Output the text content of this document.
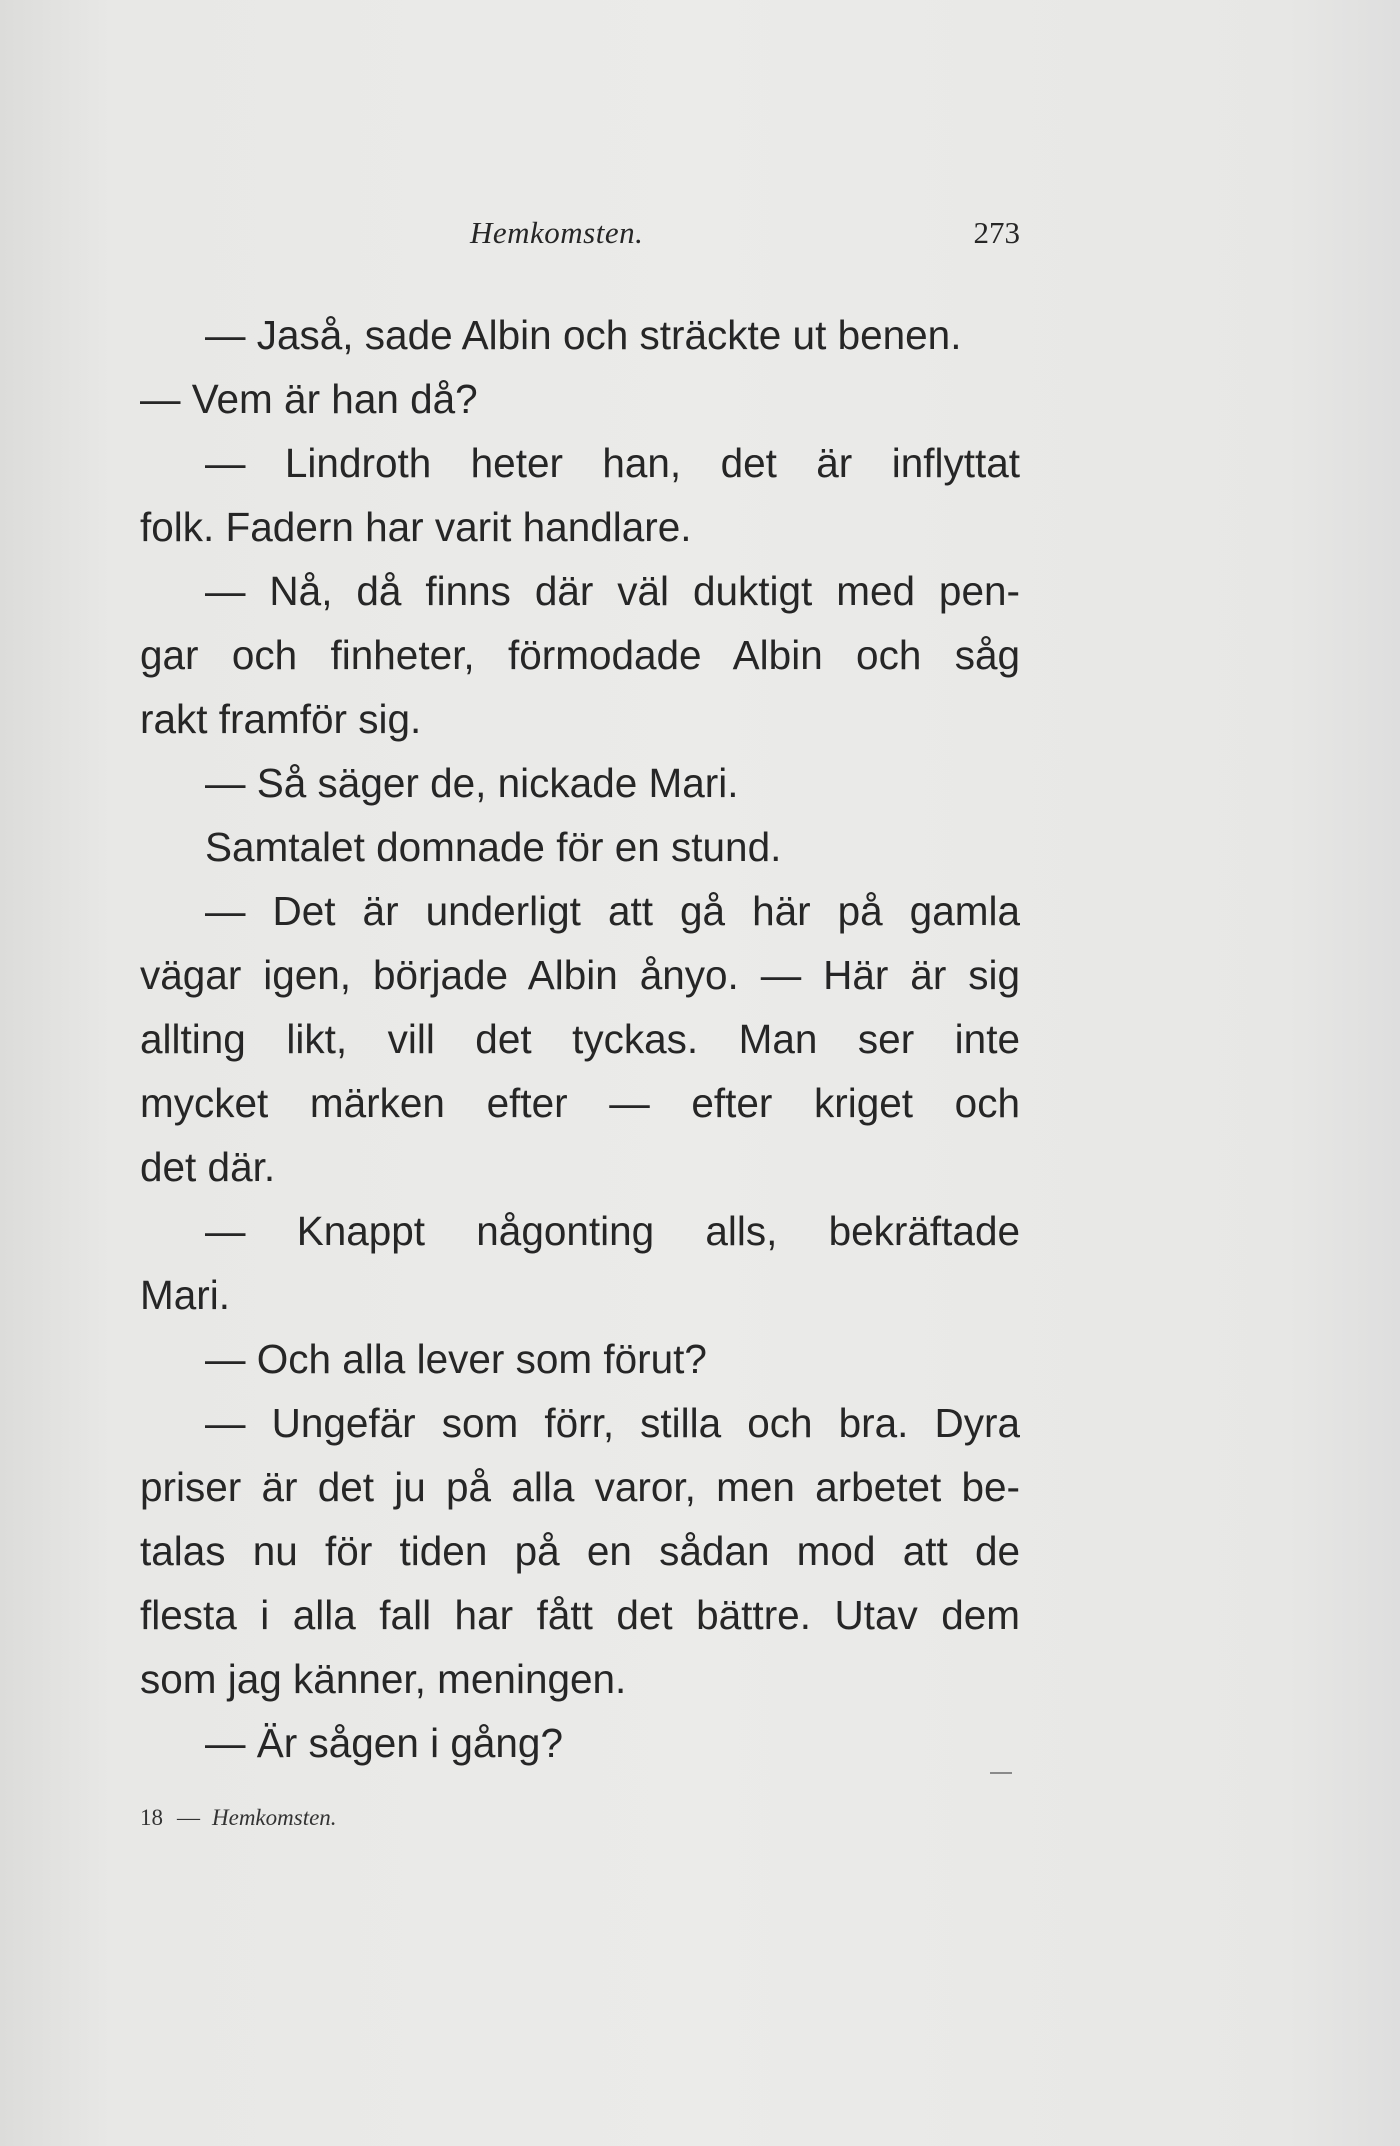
Hemkomsten.	273
— Jaså, sade Albin och sträckte ut benen.
— Vem är han då?
— Lindroth heter han, det är inflyttat
folk. Fadern har varit handlare.
— Nå, då finns där väl duktigt med pen-
gar och finheter, förmodade Albin och såg
rakt framför sig.
— Så säger de, nickade Mari.
Samtalet domnade för en stund.
— Det är underligt att gå här på gamla
vägar igen, började Albin ånyo. — Här är sig
allting likt, vill det tyckas. Man ser inte
mycket märken efter — efter kriget och
det där.
— Knappt någonting alls, bekräftade
Mari.
— Och alla lever som förut?
— Ungefär som förr, stilla och bra. Dyra
priser är det ju på alla varor, men arbetet be-
talas nu för tiden på en sådan mod att de
flesta i alla fall har fått det bättre. Utav dem
som jag känner, meningen.
— Är sågen i gång?
18 — Hemkomsten.
